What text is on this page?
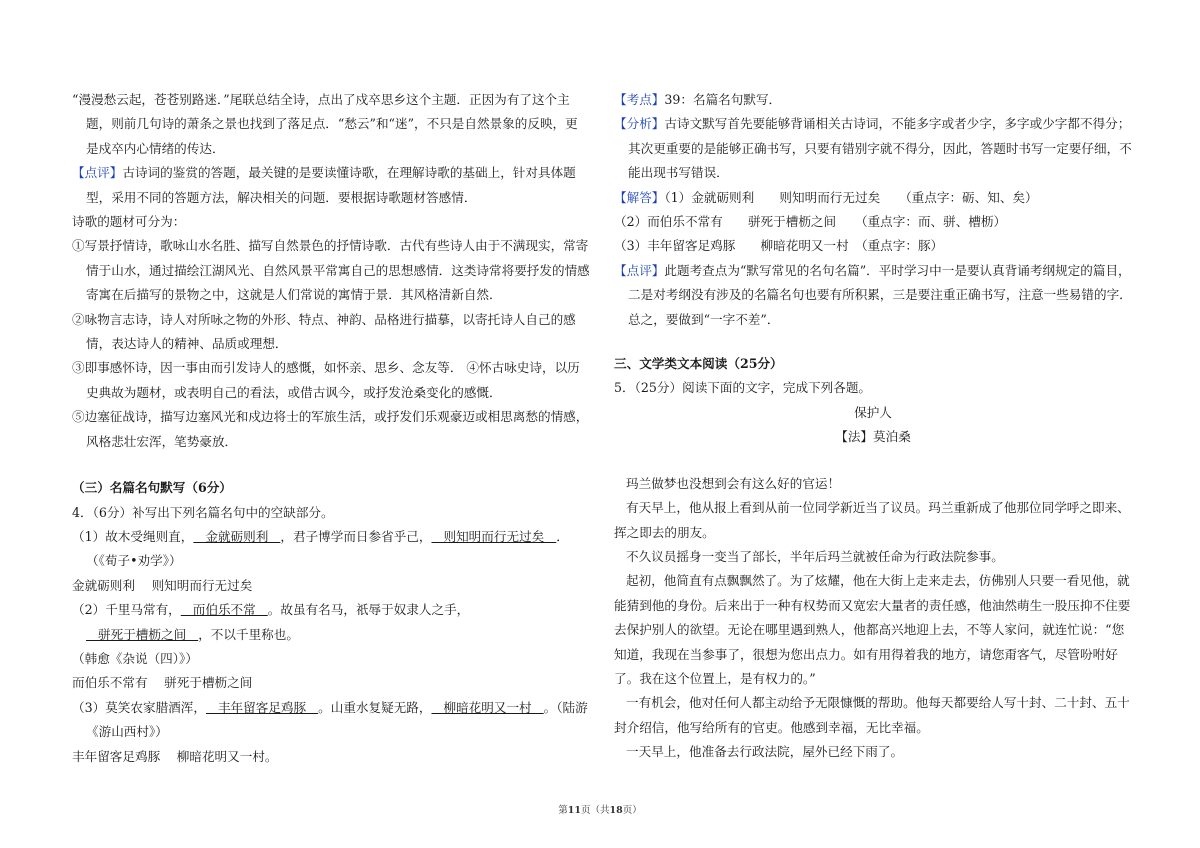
“漫漫愁云起，苍苍别路迷．”尾联总结全诗，点出了戍卒思乡这个主题．正因为有了这个主题，则前几句诗的萧条之景也找到了落足点．“愁云”和“迷”，不只是自然景象的反映，更是戍卒内心情绪的传达．

【点评】古诗词的鉴赏的答题，最关键的是要读懂诗歌，在理解诗歌的基础上，针对具体题型，采用不同的答题方法，解决相关的问题．要根据诗歌题材答感情．

诗歌的题材可分为：

①写景抒情诗，歌咏山水名胜、描写自然景色的抒情诗歌．古代有些诗人由于不满现实，常寄情于山水，通过描绘江湖风光、自然风景平常寓自己的思想感情．这类诗常将要抒发的情感寄寓在后描写的景物之中，这就是人们常说的寓情于景．其风格清新自然．

②咏物言志诗，诗人对所咏之物的外形、特点、神韵、品格进行描摹，以寄托诗人自己的感情，表达诗人的精神、品质或理想．

③即事感怀诗，因一事由而引发诗人的感慨，如怀亲、思乡、念友等． ④怀古咏史诗，以历史典故为题材，或表明自己的看法，或借古讽今，或抒发沧桑变化的感慨．

⑤边塞征战诗，描写边塞风光和戍边将士的军旅生活，或抒发们乐观豪迈或相思离愁的情感，风格悲壮宏浑，笔势豪放．

（三）名篇名句默写（6分）

4．（6分）补写出下列名篇名句中的空缺部分。

（1）故木受绳则直，   金就砺则利   ，君子博学而日参省乎己，   则知明而行无过矣   ．（《荀子•劝学》）

金就砺则利　 则知明而行无过矣

（2）千里马常有，   而伯乐不常   。故虽有名马，祇辱于奴隶人之手，   骈死于槽枥之间   ，不以千里称也。

（韩愈《杂说（四）》）

而伯乐不常有　 骈死于槽枥之间

（3）莫笑农家腊酒浑，   丰年留客足鸡豚   。山重水复疑无路，   柳暗花明又一村   。（陆游《游山西村》）

丰年留客足鸡豚　 柳暗花明又一村。

【考点】39：名篇名句默写．

【分析】古诗文默写首先要能够背诵相关古诗词，不能多字或者少字，多字或少字都不得分；其次更重要的是能够正确书写，只要有错别字就不得分，因此，答题时书写一定要仔细，不能出现书写错误．

【解答】（1）金就砺则利　　则知明而行无过矣　　（重点字：砺、知、矣）

（2）而伯乐不常有　　骈死于槽枥之间　　（重点字：而、骈、槽枥）

（3）丰年留客足鸡豚　　柳暗花明又一村　（重点字：豚）

【点评】此题考查点为“默写常见的名句名篇”．平时学习中一是要认真背诵考纲规定的篇目，二是对考纲没有涉及的名篇名句也要有所积累，三是要注重正确书写，注意一些易错的字．总之，要做到“一字不差”．

三、文学类文本阅读（25分）

5．（25分）阅读下面的文字，完成下列各题。

保护人

【法】莫泊桑

玛兰做梦也没想到会有这么好的官运！

有天早上，他从报上看到从前一位同学新近当了议员。玛兰重新成了他那位同学呼之即来、挥之即去的朋友。

不久议员摇身一变当了部长，半年后玛兰就被任命为行政法院参事。

起初，他简直有点飘飘然了。为了炫耀，他在大街上走来走去，仿佛别人只要一看见他，就能猜到他的身份。后来出于一种有权势而又宽宏大量者的责任感，他油然萌生一股压抑不住要去保护别人的欲望。无论在哪里遇到熟人，他都高兴地迎上去，不等人家问，就连忙说：“您知道，我现在当参事了，很想为您出点力。如有用得着我的地方，请您甭客气，尽管吩咐好了。我在这个位置上，是有权力的。”

一有机会，他对任何人都主动给予无限慷慨的帮助。他每天都要给人写十封、二十封、五十封介绍信，他写给所有的官吏。他感到幸福，无比幸福。

一天早上，他准备去行政法院，屋外已经下雨了。

第11页（共18页）
